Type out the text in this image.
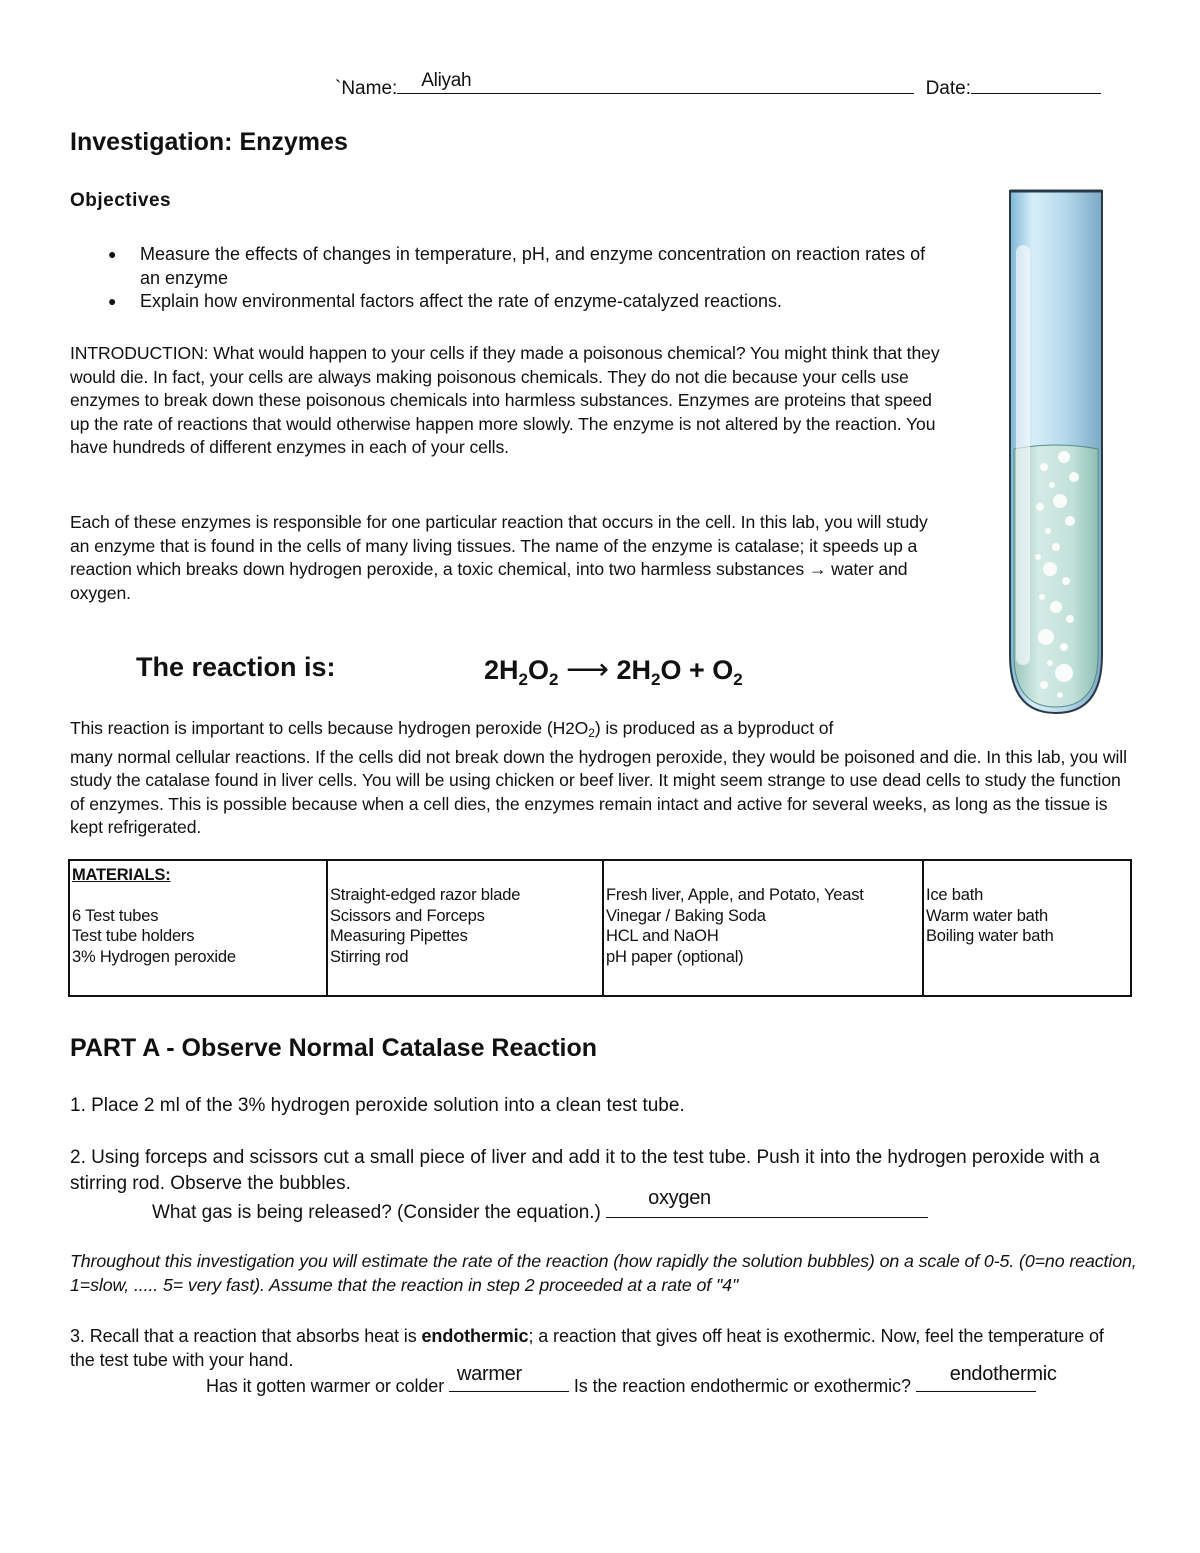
`Name: Aliyah	Date:
Investigation: Enzymes
Objectives
● Measure the effects of changes in temperature, pH, and enzyme concentration on reaction rates of an enzyme
● Explain how environmental factors affect the rate of enzyme-catalyzed reactions.

INTRODUCTION: What would happen to your cells if they made a poisonous chemical? You might think that they would die. In fact, your cells are always making poisonous chemicals. They do not die because your cells use enzymes to break down these poisonous chemicals into harmless substances. Enzymes are proteins that speed up the rate of reactions that would otherwise happen more slowly. The enzyme is not altered by the reaction. You have hundreds of different enzymes in each of your cells.

Each of these enzymes is responsible for one particular reaction that occurs in the cell. In this lab, you will study an enzyme that is found in the cells of many living tissues. The name of the enzyme is catalase; it speeds up a reaction which breaks down hydrogen peroxide, a toxic chemical, into two harmless substances → water and oxygen.

The reaction is:	$2H_2O_2$ ⟶ $2H_2O + O_2$
This reaction is important to cells because hydrogen peroxide (H2O2) is produced as a byproduct of
many normal cellular reactions. If the cells did not break down the hydrogen peroxide, they would be poisoned and die. In this lab, you will study the catalase found in liver cells. You will be using chicken or beef liver. It might seem strange to use dead cells to study the function of enzymes. This is possible because when a cell dies, the enzymes remain intact and active for several weeks, as long as the tissue is kept refrigerated.
MATERIALS:
6 Test tubes
Test tube holders
3% Hydrogen peroxide

Straight-edged razor blade
Scissors and Forceps
Measuring Pipettes
Stirring rod

Fresh liver, Apple, and Potato, Yeast
Vinegar / Baking Soda
HCL and NaOH
pH paper (optional)

Ice bath
Warm water bath
Boiling water bath
PART A - Observe Normal Catalase Reaction
1. Place 2 ml of the 3% hydrogen peroxide solution into a clean test tube.
2. Using forceps and scissors cut a small piece of liver and add it to the test tube. Push it into the hydrogen peroxide with a stirring rod. Observe the bubbles.
What gas is being released? (Consider the equation.)
oxygen
Throughout this investigation you will estimate the rate of the reaction (how rapidly the solution bubbles) on a scale of 0-5. (0=no reaction, 1=slow, ..... 5= very fast). Assume that the reaction in step 2 proceeded at a rate of "4"
3. Recall that a reaction that absorbs heat is endothermic; a reaction that gives off heat is exothermic. Now, feel the temperature of the test tube with your hand.
Has it gotten warmer or colder
warmer
Is the reaction endothermic or exothermic?
endothermic
